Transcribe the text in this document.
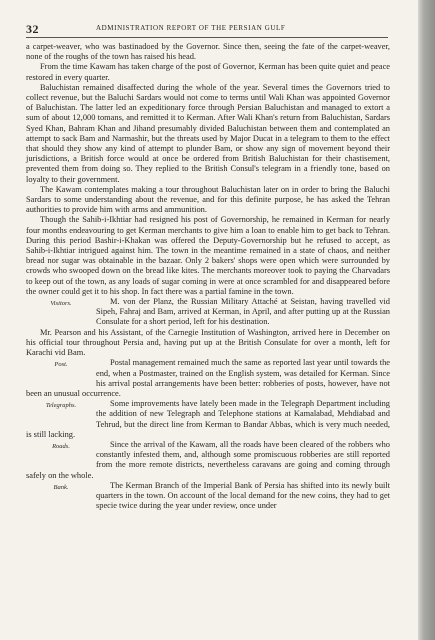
32	ADMINISTRATION REPORT OF THE PERSIAN GULF

a carpet-weaver, who was bastinadoed by the Governor. Since then, seeing the fate of the carpet-weaver, none of the roughs of the town has raised his head.

From the time Kawam has taken charge of the post of Governor, Kerman has been quite quiet and peace restored in every quarter.

Baluchistan remained disaffected during the whole of the year. Several times the Governors tried to collect revenue, but the Baluchi Sardars would not come to terms until Wali Khan was appointed Governor of Baluchistan. The latter led an expeditionary force through Persian Baluchistan and managed to extort a sum of about 12,000 tomans, and remitted it to Kerman. After Wali Khan's return from Baluchistan, Sardars Syed Khan, Bahram Khan and Jihand presumably divided Baluchistan between them and contemplated an attempt to sack Bam and Narmashir, but the threats used by Major Ducat in a telegram to them to the effect that should they show any kind of attempt to plunder Bam, or show any sign of movement beyond their jurisdictions, a British force would at once be ordered from British Baluchistan for their chastisement, prevented them from doing so. They replied to the British Consul's telegram in a friendly tone, based on loyalty to their government.

The Kawam contemplates making a tour throughout Baluchistan later on in order to bring the Baluchi Sardars to some understanding about the revenue, and for this definite purpose, he has asked the Tehran authorities to provide him with arms and ammunition.

Though the Sahib-i-Ikhtiar had resigned his post of Governorship, he remained in Kerman for nearly four months endeavouring to get Kerman merchants to give him a loan to enable him to get back to Tehran. During this period Bashir-i-Khakan was offered the Deputy-Governorship but he refused to accept, as Sahib-i-Ikhtiar intrigued against him. The town in the meantime remained in a state of chaos, and neither bread nor sugar was obtainable in the bazaar. Only 2 bakers' shops were open which were surrounded by crowds who swooped down on the bread like kites. The merchants moreover took to paying the Charvadars to keep out of the town, as any loads of sugar coming in were at once scrambled for and disappeared before the owner could get it to his shop. In fact there was a partial famine in the town.

Visitors.	M. von der Planz, the Russian Military Attaché at Seistan, having travelled vid Sipeh, Fahraj and Bam, arrived at Kerman, in April, and after putting up at the Russian Consulate for a short period, left for his destination.

Mr. Pearson and his Assistant, of the Carnegie Institution of Washington, arrived here in December on his official tour throughout Persia and, having put up at the British Consulate for over a month, left for Karachi vid Bam.

Post.	Postal management remained much the same as reported last year until towards the end, when a Postmaster, trained on the English system, was detailed for Kerman. Since his arrival postal arrangements have been better: robberies of posts, however, have not been an unusual occurrence.

Telegraphs.	Some improvements have lately been made in the Telegraph Department including the addition of new Telegraph and Telephone stations at Kamalabad, Mehdiabad and Tehrud, but the direct line from Kerman to Bandar Abbas, which is very much needed, is still lacking.

Roads.	Since the arrival of the Kawam, all the roads have been cleared of the robbers who constantly infested them, and, although some promiscuous robberies are still reported from the more remote districts, nevertheless caravans are going and coming through safely on the whole.

Bank.	The Kerman Branch of the Imperial Bank of Persia has shifted into its newly built quarters in the town. On account of the local demand for the new coins, they had to get specie twice during the year under review, once under
